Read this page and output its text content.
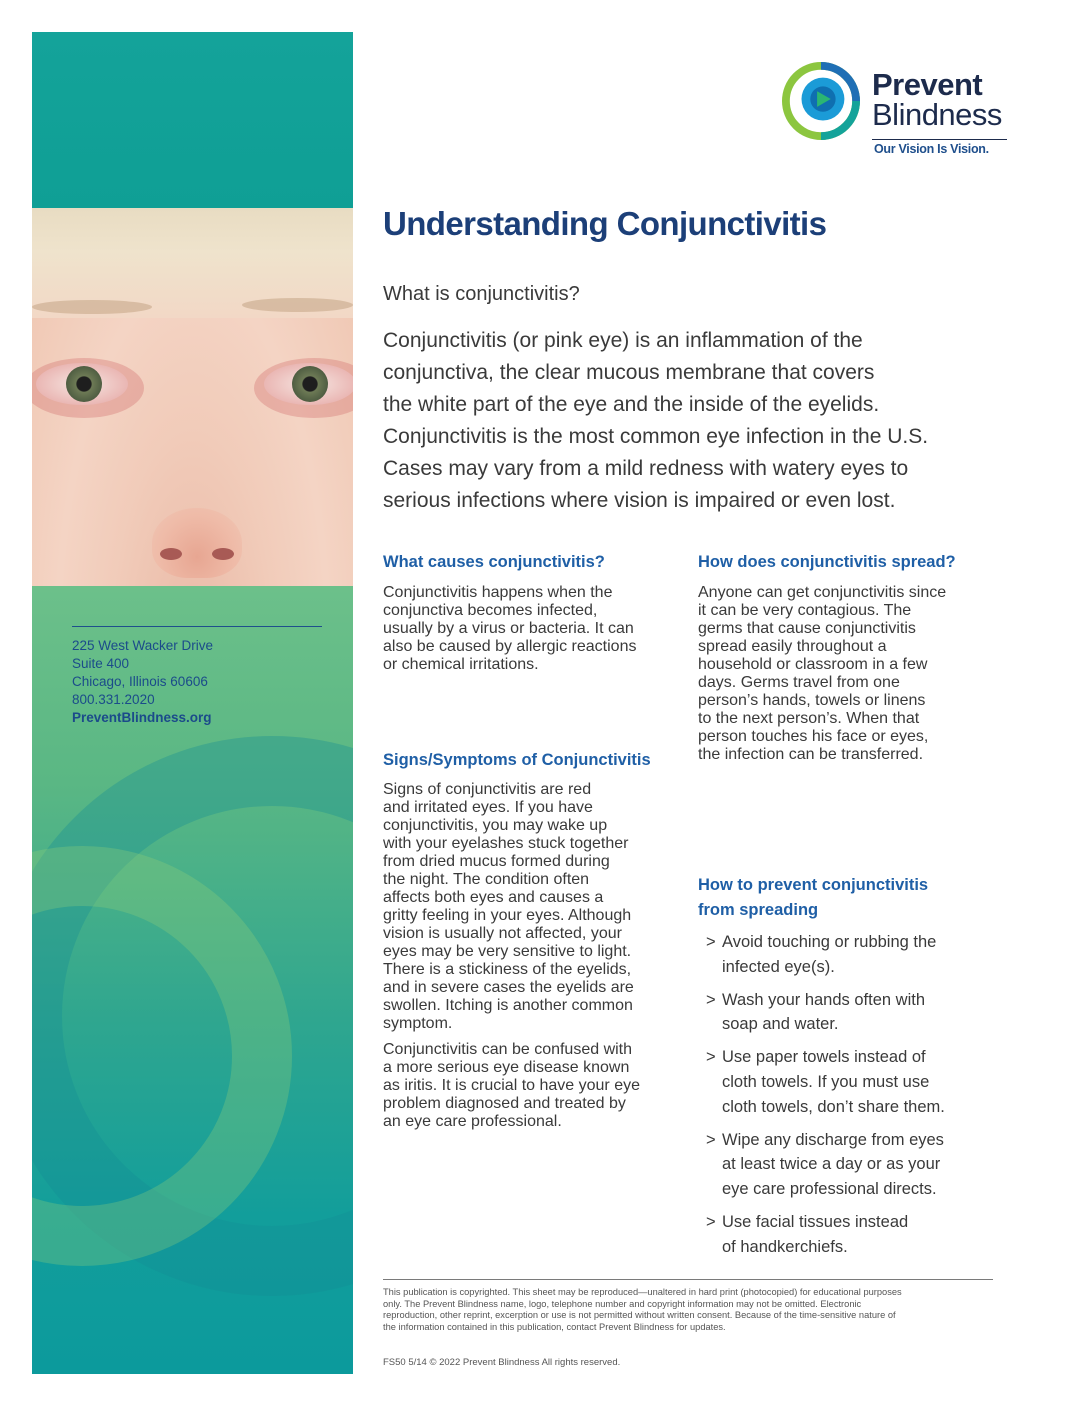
225 West Wacker Drive
Suite 400
Chicago, Illinois 60606
800.331.2020
PreventBlindness.org
Prevent
Blindness
Our Vision Is Vision.
Understanding Conjunctivitis
What is conjunctivitis?
Conjunctivitis (or pink eye) is an inflammation of the
conjunctiva, the clear mucous membrane that covers
the white part of the eye and the inside of the eyelids.
Conjunctivitis is the most common eye infection in the U.S.
Cases may vary from a mild redness with watery eyes to
serious infections where vision is impaired or even lost.
What causes conjunctivitis?

Conjunctivitis happens when the
conjunctiva becomes infected,
usually by a virus or bacteria. It can
also be caused by allergic reactions
or chemical irritations.

Signs/Symptoms of Conjunctivitis

Signs of conjunctivitis are red
and irritated eyes. If you have
conjunctivitis, you may wake up
with your eyelashes stuck together
from dried mucus formed during
the night. The condition often
affects both eyes and causes a
gritty feeling in your eyes. Although
vision is usually not affected, your
eyes may be very sensitive to light.
There is a stickiness of the eyelids,
and in severe cases the eyelids are
swollen. Itching is another common
symptom.

Conjunctivitis can be confused with
a more serious eye disease known
as iritis. It is crucial to have your eye
problem diagnosed and treated by
an eye care professional.

How does conjunctivitis spread?

Anyone can get conjunctivitis since
it can be very contagious. The
germs that cause conjunctivitis
spread easily throughout a
household or classroom in a few
days. Germs travel from one
person’s hands, towels or linens
to the next person’s. When that
person touches his face or eyes,
the infection can be transferred.

How to prevent conjunctivitis
from spreading
> Avoid touching or rubbing the
infected eye(s).
> Wash your hands often with
soap and water.
> Use paper towels instead of
cloth towels. If you must use
cloth towels, don’t share them.
> Wipe any discharge from eyes
at least twice a day or as your
eye care professional directs.
> Use facial tissues instead
of handkerchiefs.
This publication is copyrighted. This sheet may be reproduced—unaltered in hard print (photocopied) for educational purposes
only. The Prevent Blindness name, logo, telephone number and copyright information may not be omitted. Electronic
reproduction, other reprint, excerption or use is not permitted without written consent. Because of the time-sensitive nature of
the information contained in this publication, contact Prevent Blindness for updates.
FS50 5/14 © 2022 Prevent Blindness All rights reserved.
